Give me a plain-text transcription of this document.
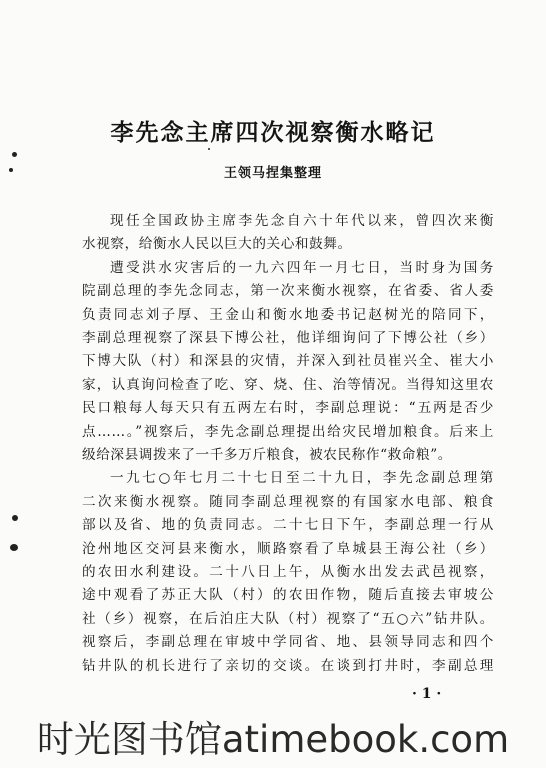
李先念主席四次视察衡水略记
王领马捏集整理
现任全国政协主席李先念自六十年代以来，曾四次来衡
水视察，给衡水人民以巨大的关心和鼓舞。
遭受洪水灾害后的一九六四年一月七日，当时身为国务
院副总理的李先念同志，第一次来衡水视察，在省委、省人委
负责同志刘子厚、王金山和衡水地委书记赵树光的陪同下，
李副总理视察了深县下博公社，他详细询问了下博公社（乡）
下博大队（村）和深县的灾情，并深入到社员崔兴全、崔大小
家，认真询问检查了吃、穿、烧、住、治等情况。当得知这里农
民口粮每人每天只有五两左右时，李副总理说：“五两是否少
点……。”视察后，李先念副总理提出给灾民增加粮食。后来上
级给深县调拨来了一千多万斤粮食，被农民称作“救命粮”。
一九七○年七月二十七日至二十九日，李先念副总理第
二次来衡水视察。随同李副总理视察的有国家水电部、粮食
部以及省、地的负责同志。二十七日下午，李副总理一行从
沧州地区交河县来衡水，顺路察看了阜城县王海公社（乡）
的农田水利建设。二十八日上午，从衡水出发去武邑视察，
途中观看了苏正大队（村）的农田作物，随后直接去审坡公
社（乡）视察，在后泊庄大队（村）视察了“五○六”钻井队。
视察后，李副总理在审坡中学同省、地、县领导同志和四个
钻井队的机长进行了亲切的交谈。在谈到打井时，李副总理
· 1 ·
时光图书馆atimebook.com
